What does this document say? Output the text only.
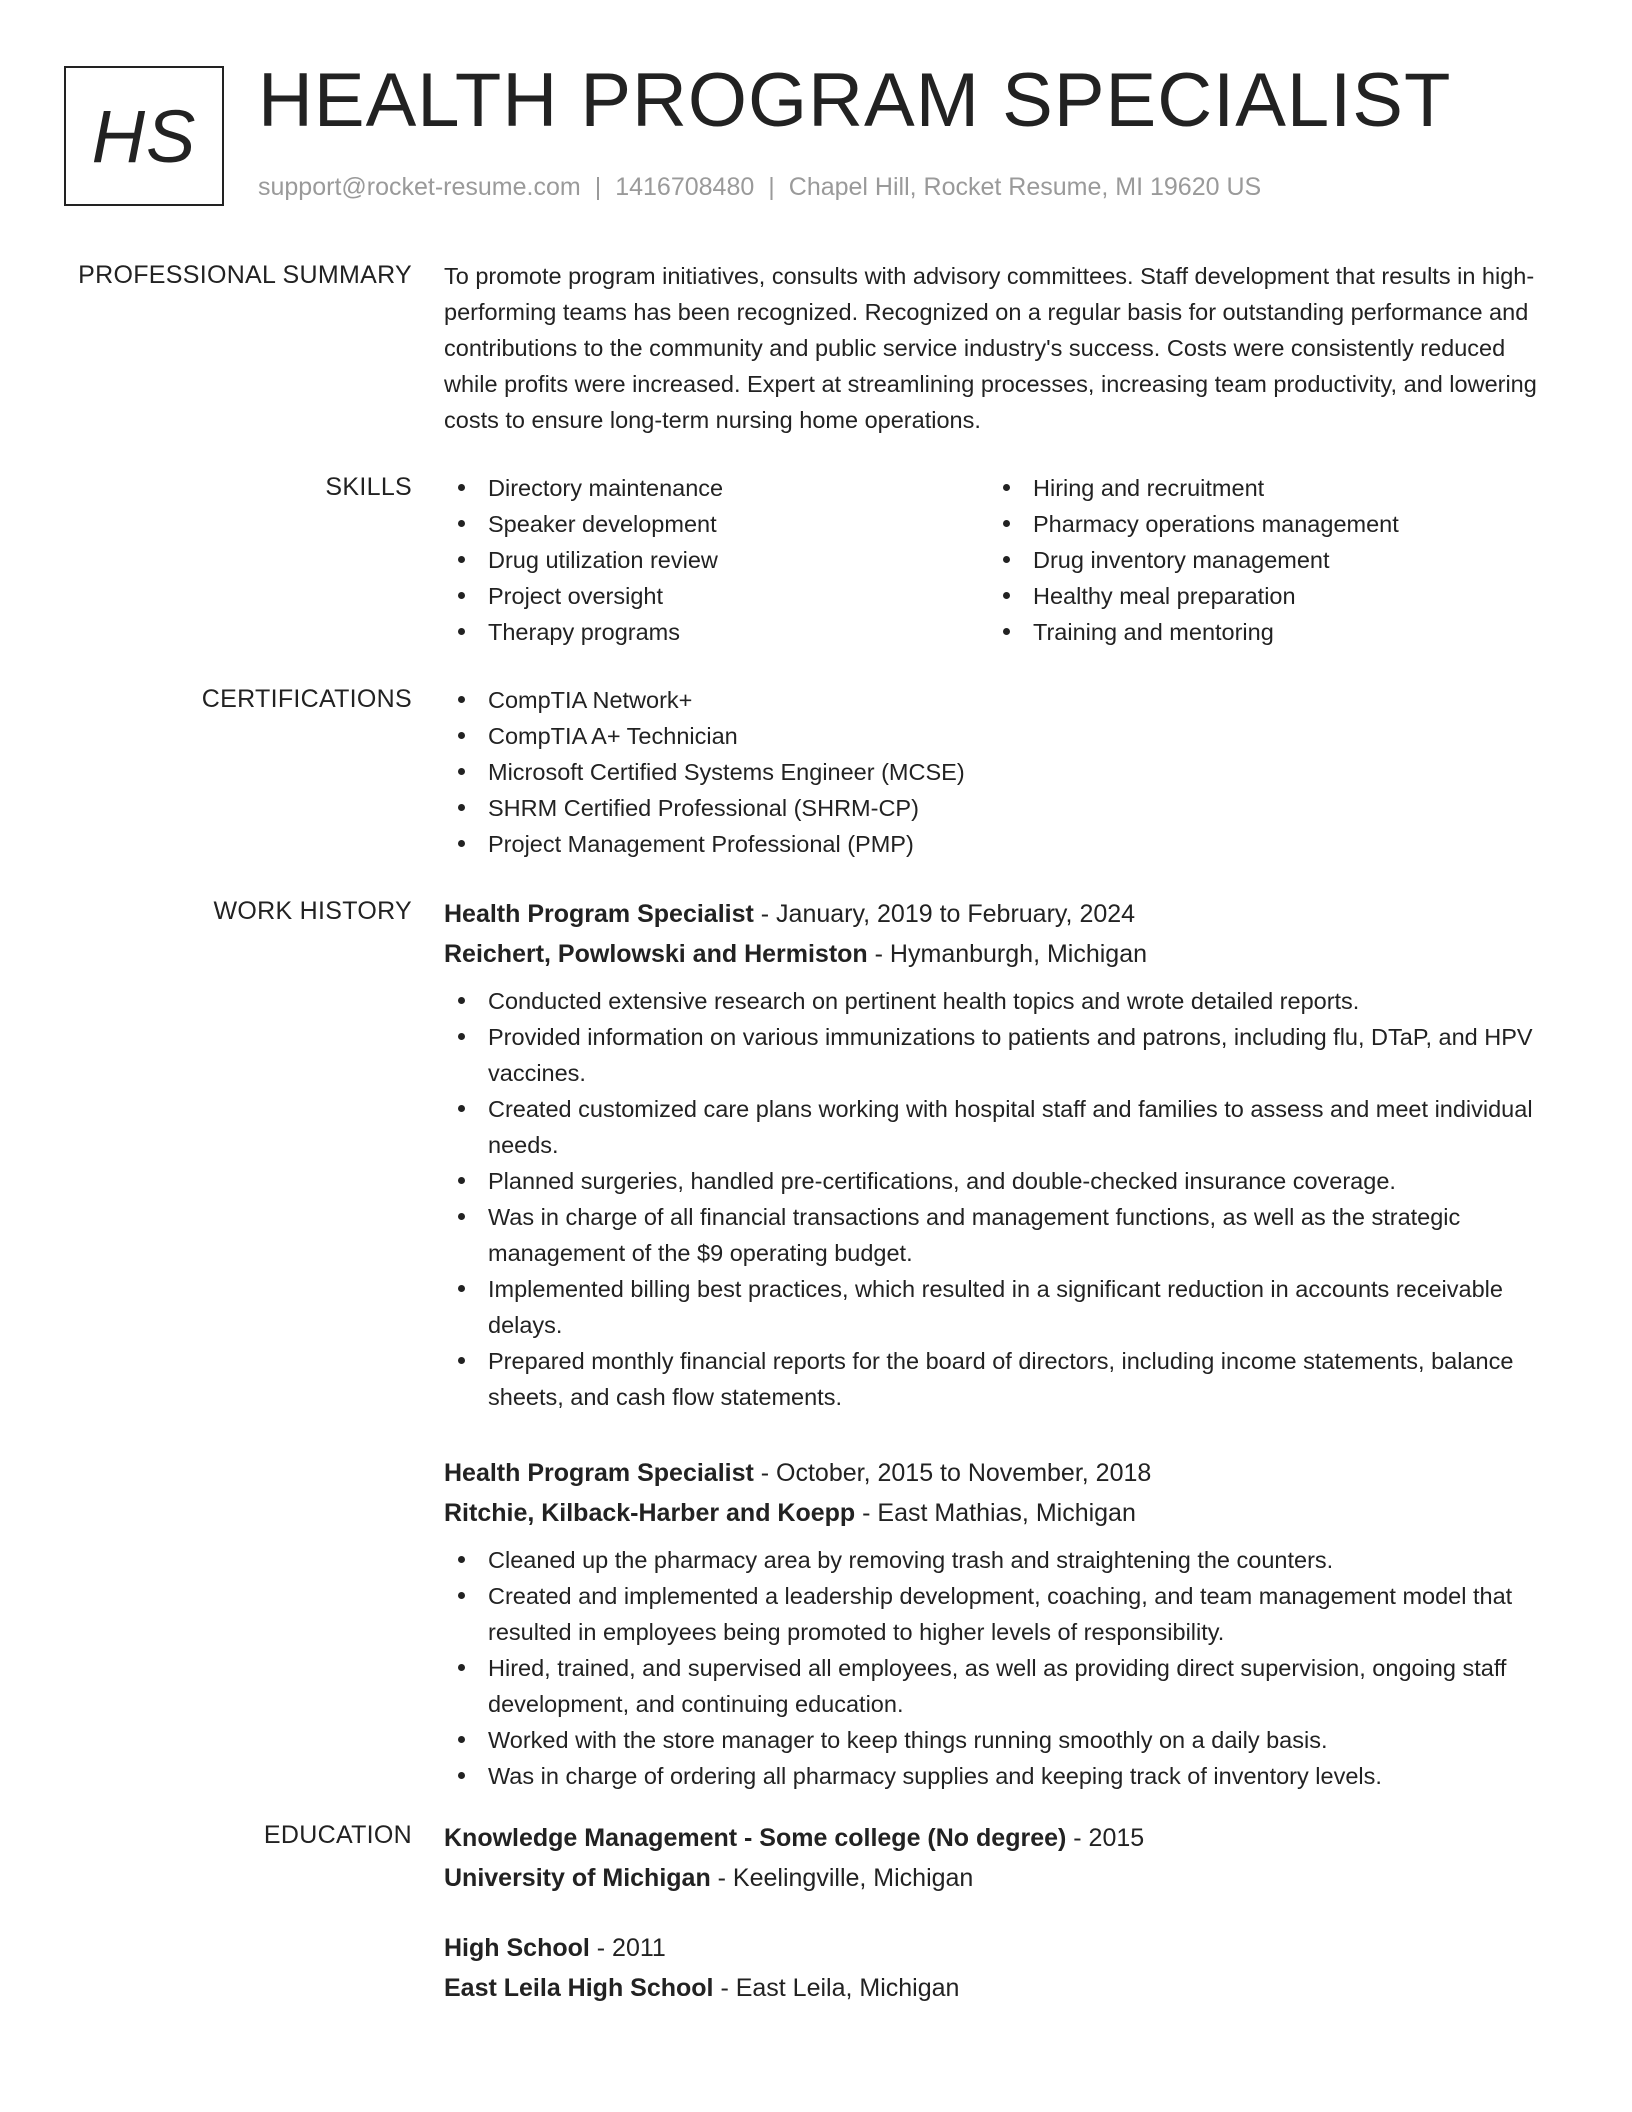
HS HEALTH PROGRAM SPECIALIST
support@rocket-resume.com | 1416708480 | Chapel Hill, Rocket Resume, MI 19620 US
PROFESSIONAL SUMMARY To promote program initiatives, consults with advisory committees. Staff development that results in high-performing teams has been recognized. Recognized on a regular basis for outstanding performance and contributions to the community and public service industry's success. Costs were consistently reduced while profits were increased. Expert at streamlining processes, increasing team productivity, and lowering costs to ensure long-term nursing home operations.

SKILLS	Directory maintenance
Speaker development
Drug utilization review
Project oversight
Therapy programs
Hiring and recruitment
Pharmacy operations management
Drug inventory management
Healthy meal preparation
Training and mentoring
CERTIFICATIONS	CompTIA Network+
CompTIA A+ Technician
Microsoft Certified Systems Engineer (MCSE)
SHRM Certified Professional (SHRM-CP)
Project Management Professional (PMP)
WORK HISTORY Health Program Specialist - January, 2019 to February, 2024
Reichert, Powlowski and Hermiston - Hymanburgh, Michigan
Conducted extensive research on pertinent health topics and wrote detailed reports.
Provided information on various immunizations to patients and patrons, including flu, DTaP, and HPV vaccines.
Created customized care plans working with hospital staff and families to assess and meet individual needs.
Planned surgeries, handled pre-certifications, and double-checked insurance coverage.
Was in charge of all financial transactions and management functions, as well as the strategic management of the $9 operating budget.
Implemented billing best practices, which resulted in a significant reduction in accounts receivable delays.
Prepared monthly financial reports for the board of directors, including income statements, balance sheets, and cash flow statements.
Health Program Specialist - October, 2015 to November, 2018
Ritchie, Kilback-Harber and Koepp - East Mathias, Michigan
Cleaned up the pharmacy area by removing trash and straightening the counters.
Created and implemented a leadership development, coaching, and team management model that resulted in employees being promoted to higher levels of responsibility.
Hired, trained, and supervised all employees, as well as providing direct supervision, ongoing staff development, and continuing education.
Worked with the store manager to keep things running smoothly on a daily basis.
Was in charge of ordering all pharmacy supplies and keeping track of inventory levels.
EDUCATION Knowledge Management - Some college (No degree) - 2015
University of Michigan - Keelingville, Michigan
High School - 2011
East Leila High School - East Leila, Michigan
